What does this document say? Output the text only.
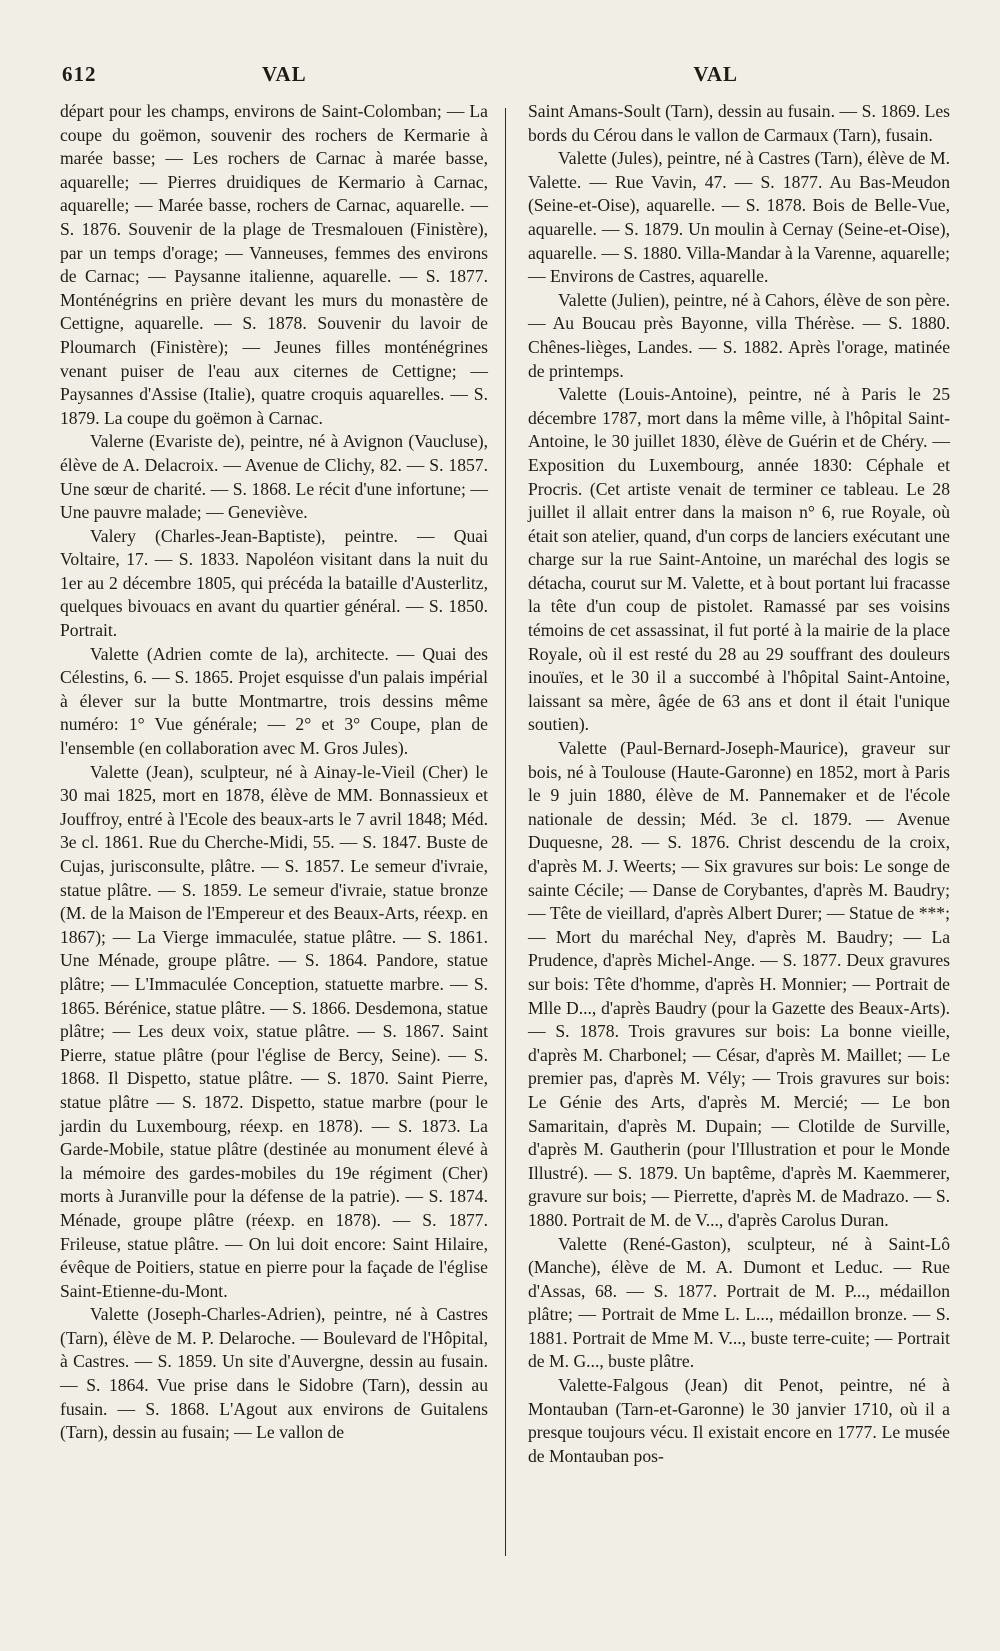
612	VAL	VAL

départ pour les champs, environs de Saint-Colomban; — La coupe du goëmon, souvenir des rochers de Kermarie à marée basse; — Les rochers de Carnac à marée basse, aquarelle; — Pierres druidiques de Kermario à Carnac, aquarelle; — Marée basse, rochers de Carnac, aquarelle. — S. 1876. Souvenir de la plage de Tresmalouen (Finistère), par un temps d'orage; — Vanneuses, femmes des environs de Carnac; — Paysanne italienne, aquarelle. — S. 1877. Monténégrins en prière devant les murs du monastère de Cettigne, aquarelle. — S. 1878. Souvenir du lavoir de Ploumarch (Finistère); — Jeunes filles monténégrines venant puiser de l'eau aux citernes de Cettigne; — Paysannes d'Assise (Italie), quatre croquis aquarelles. — S. 1879. La coupe du goëmon à Carnac.

Valerne (Evariste de), peintre, né à Avignon (Vaucluse), élève de A. Delacroix. — Avenue de Clichy, 82. — S. 1857. Une sœur de charité. — S. 1868. Le récit d'une infortune; — Une pauvre malade; — Geneviève.

Valery (Charles-Jean-Baptiste), peintre. — Quai Voltaire, 17. — S. 1833. Napoléon visitant dans la nuit du 1er au 2 décembre 1805, qui précéda la bataille d'Austerlitz, quelques bivouacs en avant du quartier général. — S. 1850. Portrait.

Valette (Adrien comte de la), architecte. — Quai des Célestins, 6. — S. 1865. Projet esquisse d'un palais impérial à élever sur la butte Montmartre, trois dessins même numéro: 1° Vue générale; — 2° et 3° Coupe, plan de l'ensemble (en collaboration avec M. Gros Jules).

Valette (Jean), sculpteur, né à Ainay-le-Vieil (Cher) le 30 mai 1825, mort en 1878, élève de MM. Bonnassieux et Jouffroy, entré à l'Ecole des beaux-arts le 7 avril 1848; Méd. 3e cl. 1861. Rue du Cherche-Midi, 55. — S. 1847. Buste de Cujas, jurisconsulte, plâtre. — S. 1857. Le semeur d'ivraie, statue plâtre. — S. 1859. Le semeur d'ivraie, statue bronze (M. de la Maison de l'Empereur et des Beaux-Arts, réexp. en 1867); — La Vierge immaculée, statue plâtre. — S. 1861. Une Ménade, groupe plâtre. — S. 1864. Pandore, statue plâtre; — L'Immaculée Conception, statuette marbre. — S. 1865. Bérénice, statue plâtre. — S. 1866. Desdemona, statue plâtre; — Les deux voix, statue plâtre. — S. 1867. Saint Pierre, statue plâtre (pour l'église de Bercy, Seine). — S. 1868. Il Dispetto, statue plâtre. — S. 1870. Saint Pierre, statue plâtre — S. 1872. Dispetto, statue marbre (pour le jardin du Luxembourg, réexp. en 1878). — S. 1873. La Garde-Mobile, statue plâtre (destinée au monument élevé à la mémoire des gardes-mobiles du 19e régiment (Cher) morts à Juranville pour la défense de la patrie). — S. 1874. Ménade, groupe plâtre (réexp. en 1878). — S. 1877. Frileuse, statue plâtre. — On lui doit encore: Saint Hilaire, évêque de Poitiers, statue en pierre pour la façade de l'église Saint-Etienne-du-Mont.

Valette (Joseph-Charles-Adrien), peintre, né à Castres (Tarn), élève de M. P. Delaroche. — Boulevard de l'Hôpital, à Castres. — S. 1859. Un site d'Auvergne, dessin au fusain. — S. 1864. Vue prise dans le Sidobre (Tarn), dessin au fusain. — S. 1868. L'Agout aux environs de Guitalens (Tarn), dessin au fusain; — Le vallon de

Saint Amans-Soult (Tarn), dessin au fusain. — S. 1869. Les bords du Cérou dans le vallon de Carmaux (Tarn), fusain.

Valette (Jules), peintre, né à Castres (Tarn), élève de M. Valette. — Rue Vavin, 47. — S. 1877. Au Bas-Meudon (Seine-et-Oise), aquarelle. — S. 1878. Bois de Belle-Vue, aquarelle. — S. 1879. Un moulin à Cernay (Seine-et-Oise), aquarelle. — S. 1880. Villa-Mandar à la Varenne, aquarelle; — Environs de Castres, aquarelle.

Valette (Julien), peintre, né à Cahors, élève de son père. — Au Boucau près Bayonne, villa Thérèse. — S. 1880. Chênes-lièges, Landes. — S. 1882. Après l'orage, matinée de printemps.

Valette (Louis-Antoine), peintre, né à Paris le 25 décembre 1787, mort dans la même ville, à l'hôpital Saint-Antoine, le 30 juillet 1830, élève de Guérin et de Chéry. — Exposition du Luxembourg, année 1830: Céphale et Procris. (Cet artiste venait de terminer ce tableau. Le 28 juillet il allait entrer dans la maison n° 6, rue Royale, où était son atelier, quand, d'un corps de lanciers exécutant une charge sur la rue Saint-Antoine, un maréchal des logis se détacha, courut sur M. Valette, et à bout portant lui fracasse la tête d'un coup de pistolet. Ramassé par ses voisins témoins de cet assassinat, il fut porté à la mairie de la place Royale, où il est resté du 28 au 29 souffrant des douleurs inouïes, et le 30 il a succombé à l'hôpital Saint-Antoine, laissant sa mère, âgée de 63 ans et dont il était l'unique soutien).

Valette (Paul-Bernard-Joseph-Maurice), graveur sur bois, né à Toulouse (Haute-Garonne) en 1852, mort à Paris le 9 juin 1880, élève de M. Pannemaker et de l'école nationale de dessin; Méd. 3e cl. 1879. — Avenue Duquesne, 28. — S. 1876. Christ descendu de la croix, d'après M. J. Weerts; — Six gravures sur bois: Le songe de sainte Cécile; — Danse de Corybantes, d'après M. Baudry; — Tête de vieillard, d'après Albert Durer; — Statue de ***; — Mort du maréchal Ney, d'après M. Baudry; — La Prudence, d'après Michel-Ange. — S. 1877. Deux gravures sur bois: Tête d'homme, d'après H. Monnier; — Portrait de Mlle D..., d'après Baudry (pour la Gazette des Beaux-Arts). — S. 1878. Trois gravures sur bois: La bonne vieille, d'après M. Charbonel; — César, d'après M. Maillet; — Le premier pas, d'après M. Vély; — Trois gravures sur bois: Le Génie des Arts, d'après M. Mercié; — Le bon Samaritain, d'après M. Dupain; — Clotilde de Surville, d'après M. Gautherin (pour l'Illustration et pour le Monde Illustré). — S. 1879. Un baptême, d'après M. Kaemmerer, gravure sur bois; — Pierrette, d'après M. de Madrazo. — S. 1880. Portrait de M. de V..., d'après Carolus Duran.

Valette (René-Gaston), sculpteur, né à Saint-Lô (Manche), élève de M. A. Dumont et Leduc. — Rue d'Assas, 68. — S. 1877. Portrait de M. P..., médaillon plâtre; — Portrait de Mme L. L..., médaillon bronze. — S. 1881. Portrait de Mme M. V..., buste terre-cuite; — Portrait de M. G..., buste plâtre.

Valette-Falgous (Jean) dit Penot, peintre, né à Montauban (Tarn-et-Garonne) le 30 janvier 1710, où il a presque toujours vécu. Il existait encore en 1777. Le musée de Montauban pos-
